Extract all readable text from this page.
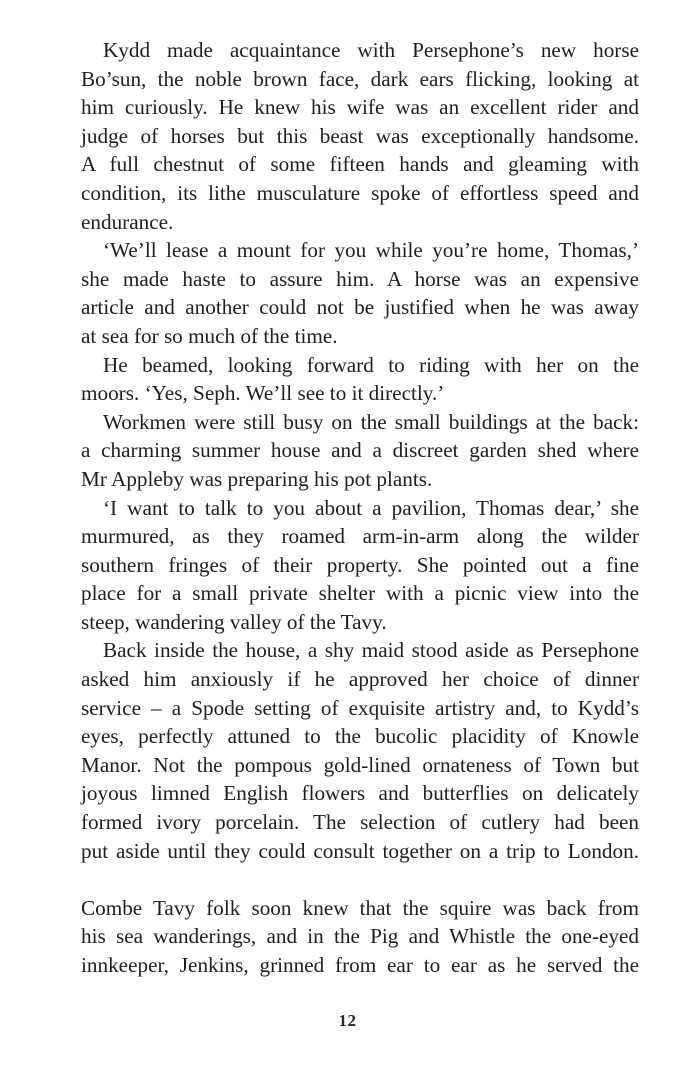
Kydd made acquaintance with Persephone’s new horse
Bo’sun, the noble brown face, dark ears flicking, looking at
him curiously. He knew his wife was an excellent rider and
judge of horses but this beast was exceptionally handsome.
A full chestnut of some fifteen hands and gleaming with
condition, its lithe musculature spoke of effortless speed and
endurance.
‘We’ll lease a mount for you while you’re home, Thomas,’
she made haste to assure him. A horse was an expensive
article and another could not be justified when he was away
at sea for so much of the time.
He beamed, looking forward to riding with her on the
moors. ‘Yes, Seph. We’ll see to it directly.’
Workmen were still busy on the small buildings at the back:
a charming summer house and a discreet garden shed where
Mr Appleby was preparing his pot plants.
‘I want to talk to you about a pavilion, Thomas dear,’ she
murmured, as they roamed arm-in-arm along the wilder
southern fringes of their property. She pointed out a fine
place for a small private shelter with a picnic view into the
steep, wandering valley of the Tavy.
Back inside the house, a shy maid stood aside as Persephone
asked him anxiously if he approved her choice of dinner
service – a Spode setting of exquisite artistry and, to Kydd’s
eyes, perfectly attuned to the bucolic placidity of Knowle
Manor. Not the pompous gold-lined ornateness of Town but
joyous limned English flowers and butterflies on delicately
formed ivory porcelain. The selection of cutlery had been
put aside until they could consult together on a trip to London.
Combe Tavy folk soon knew that the squire was back from
his sea wanderings, and in the Pig and Whistle the one-eyed
innkeeper, Jenkins, grinned from ear to ear as he served the
12
